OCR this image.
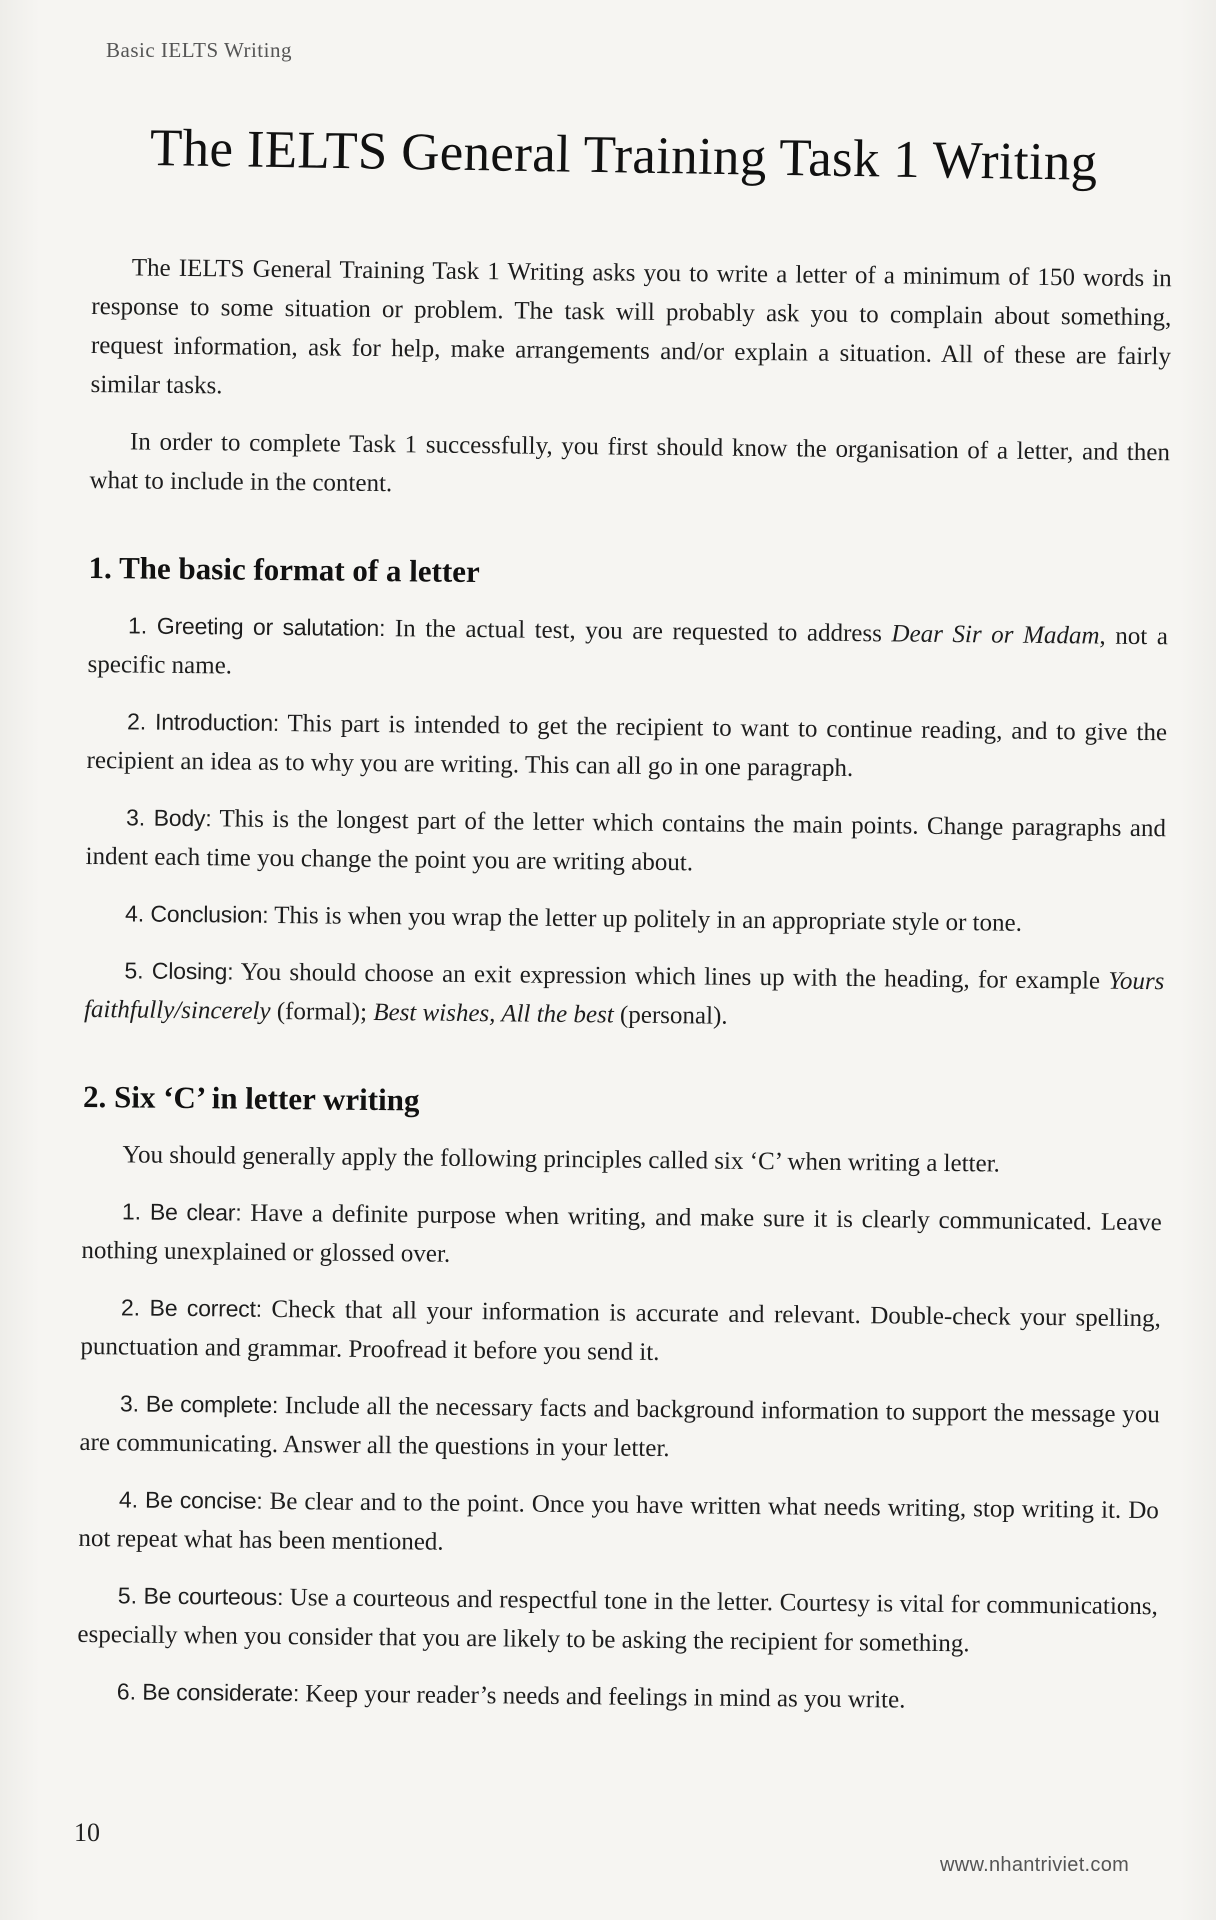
Basic IELTS Writing
The IELTS General Training Task 1 Writing

The IELTS General Training Task 1 Writing asks you to write a letter of a minimum of 150 words in response to some situation or problem. The task will probably ask you to complain about something, request information, ask for help, make arrangements and/or explain a situation. All of these are fairly similar tasks.

In order to complete Task 1 successfully, you first should know the organisation of a letter, and then what to include in the content.

1. The basic format of a letter

1. Greeting or salutation: In the actual test, you are requested to address Dear Sir or Madam, not a specific name.

2. Introduction: This part is intended to get the recipient to want to continue reading, and to give the recipient an idea as to why you are writing. This can all go in one paragraph.

3. Body: This is the longest part of the letter which contains the main points. Change paragraphs and indent each time you change the point you are writing about.

4. Conclusion: This is when you wrap the letter up politely in an appropriate style or tone.

5. Closing: You should choose an exit expression which lines up with the heading, for example Yours faithfully/sincerely (formal); Best wishes, All the best (personal).

2. Six ‘C’ in letter writing

You should generally apply the following principles called six ‘C’ when writing a letter.

1. Be clear: Have a definite purpose when writing, and make sure it is clearly communicated. Leave nothing unexplained or glossed over.

2. Be correct: Check that all your information is accurate and relevant. Double-check your spelling, punctuation and grammar. Proofread it before you send it.

3. Be complete: Include all the necessary facts and background information to support the message you are communicating. Answer all the questions in your letter.

4. Be concise: Be clear and to the point. Once you have written what needs writing, stop writing it. Do not repeat what has been mentioned.

5. Be courteous: Use a courteous and respectful tone in the letter. Courtesy is vital for communications, especially when you consider that you are likely to be asking the recipient for something.

6. Be considerate: Keep your reader’s needs and feelings in mind as you write.

10
www.nhantriviet.com
